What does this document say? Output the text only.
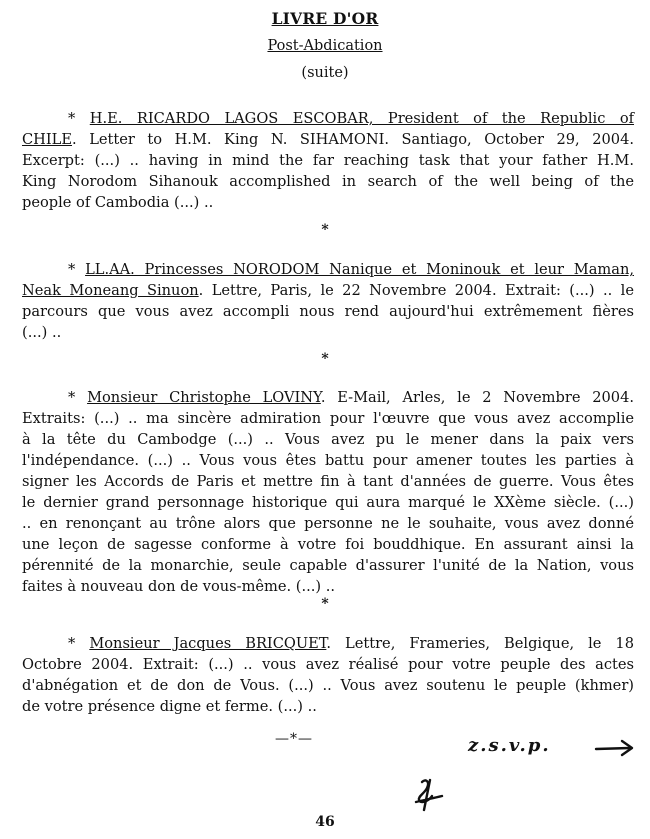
LIVRE D'OR
Post-Abdication
(suite)
* H.E. RICARDO LAGOS ESCOBAR, President of the Republic of
CHILE. Letter to H.M. King N. SIHAMONI. Santiago, October 29, 2004.
Excerpt: (...) .. having in mind the far reaching task that your father H.M.
King Norodom Sihanouk accomplished in search of the well being of the
people of Cambodia (...) ..
*
* LL.AA. Princesses NORODOM Nanique et Moninouk et leur Maman,
Neak Moneang Sinuon. Lettre, Paris, le 22 Novembre 2004. Extrait: (...) .. le
parcours que vous avez accompli nous rend aujourd'hui extrêmement fières
(...) ..
*
* Monsieur Christophe LOVINY. E-Mail, Arles, le 2 Novembre 2004.
Extraits: (...) .. ma sincère admiration pour l'œuvre que vous avez accomplie
à la tête du Cambodge (...) .. Vous avez pu le mener dans la paix vers
l'indépendance. (...) .. Vous vous êtes battu pour amener toutes les parties à
signer les Accords de Paris et mettre fin à tant d'années de guerre. Vous êtes
le dernier grand personnage historique qui aura marqué le XXème siècle. (...)
.. en renonçant au trône alors que personne ne le souhaite, vous avez donné
une leçon de sagesse conforme à votre foi bouddhique. En assurant ainsi la
pérennité de la monarchie, seule capable d'assurer l'unité de la Nation, vous
faites à nouveau don de vous-même. (...) ..
*
* Monsieur Jacques BRICQUET. Lettre, Frameries, Belgique, le 18
Octobre 2004. Extrait: (...) .. vous avez réalisé pour votre peuple des actes
d'abnégation et de don de Vous. (...) .. Vous avez soutenu le peuple (khmer)
de votre présence digne et ferme. (...) ..
—*—	z.s.v.p.
46
